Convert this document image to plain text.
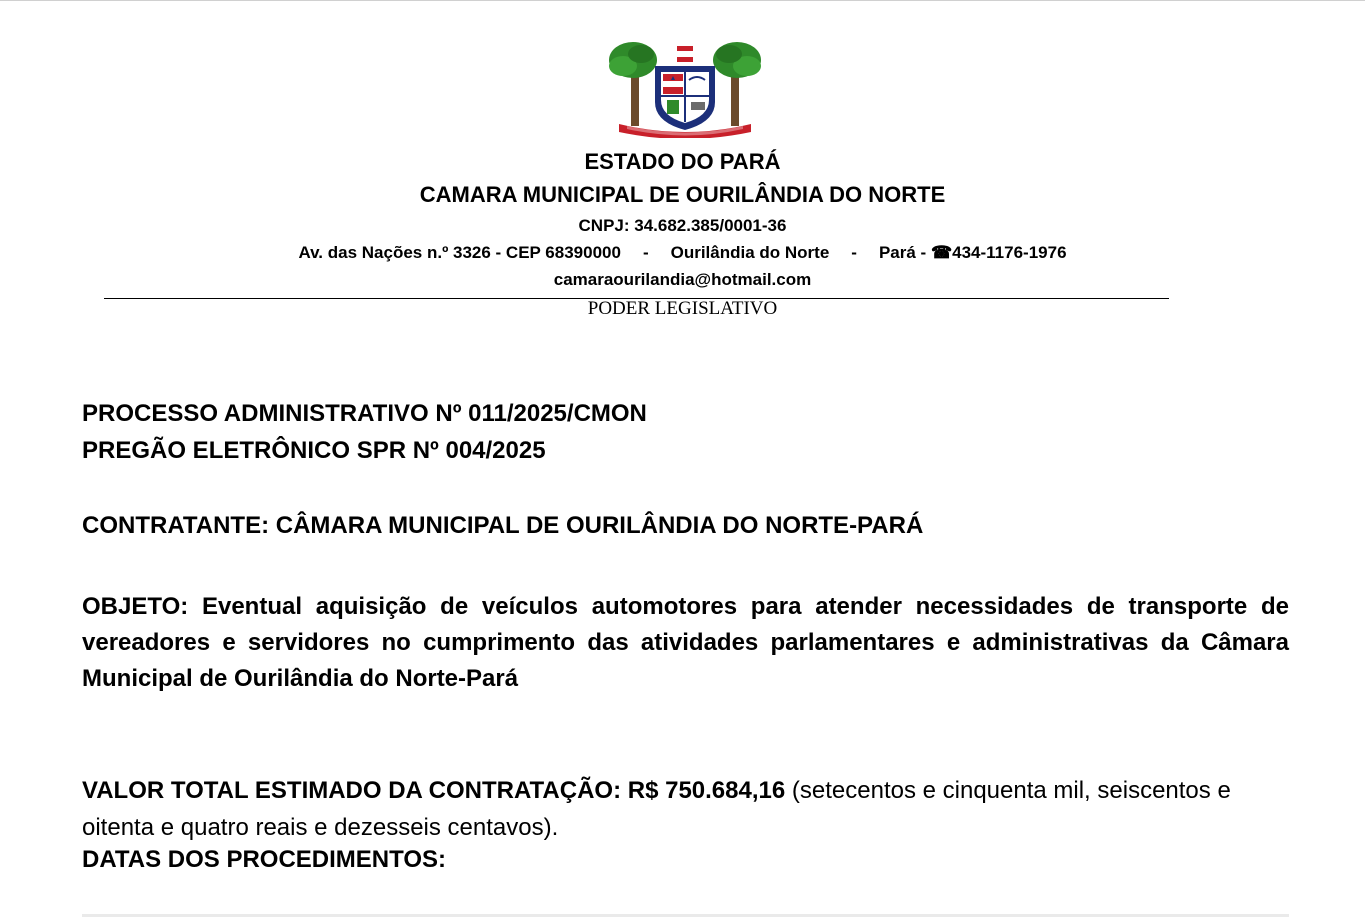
ESTADO DO PARÁ
CAMARA MUNICIPAL DE OURILÂNDIA DO NORTE
CNPJ: 34.682.385/0001-36
Av. das Nações n.º 3326 - CEP 68390000 - Ourilândia do Norte - Pará - ☎434-1176-1976
camaraourilandia@hotmail.com
PODER LEGISLATIVO
PROCESSO ADMINISTRATIVO Nº 011/2025/CMON
PREGÃO ELETRÔNICO SPR Nº 004/2025
CONTRATANTE: CÂMARA MUNICIPAL DE OURILÂNDIA DO NORTE-PARÁ
OBJETO: Eventual aquisição de veículos automotores para atender necessidades de transporte de vereadores e servidores no cumprimento das atividades parlamentares e administrativas da Câmara Municipal de Ourilândia do Norte-Pará
VALOR TOTAL ESTIMADO DA CONTRATAÇÃO: R$ 750.684,16 (setecentos e cinquenta mil, seiscentos e oitenta e quatro reais e dezesseis centavos).
DATAS DOS PROCEDIMENTOS:
